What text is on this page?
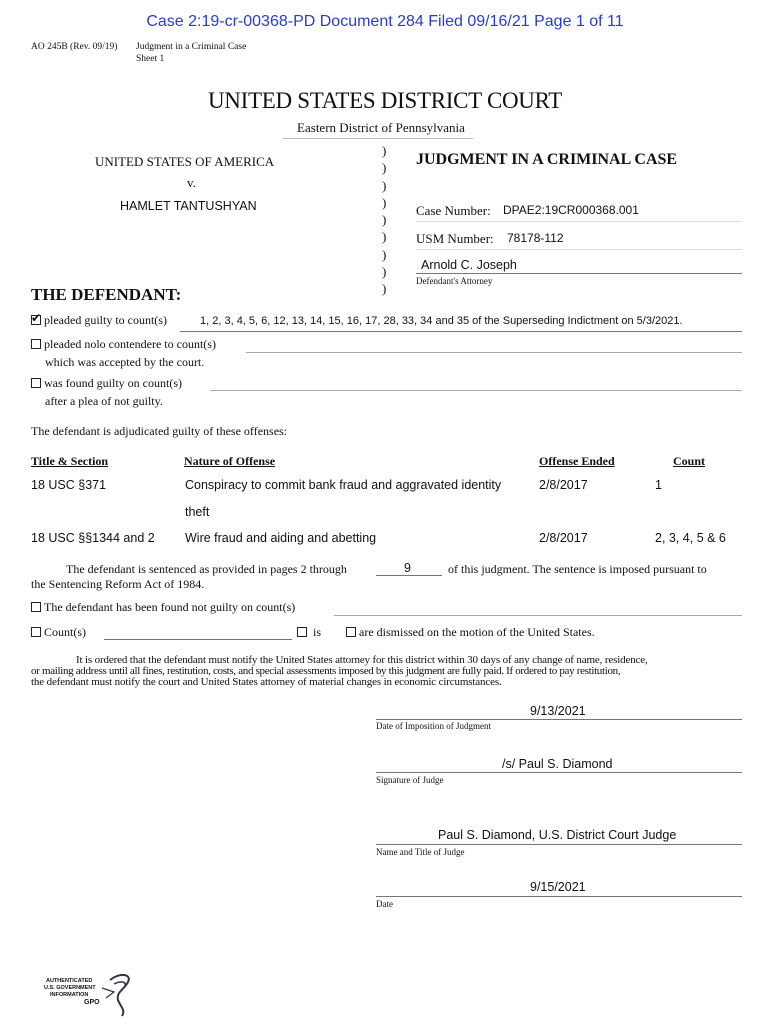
Case 2:19-cr-00368-PD Document 284 Filed 09/16/21 Page 1 of 11
AO 245B (Rev. 09/19) Judgment in a Criminal Case
Sheet 1
UNITED STATES DISTRICT COURT
Eastern District of Pennsylvania
UNITED STATES OF AMERICA
v.
HAMLET TANTUSHYAN
)
)
)
)
)
)
)
)
)
JUDGMENT IN A CRIMINAL CASE
Case Number: DPAE2:19CR000368.001
USM Number: 78178-112
Arnold C. Joseph
Defendant's Attorney
THE DEFENDANT:
✔pleaded guilty to count(s)	1, 2, 3, 4, 5, 6, 12, 13, 14, 15, 16, 17, 28, 33, 34 and 35 of the Superseding Indictment on 5/3/2021.
pleaded nolo contendere to count(s)
which was accepted by the court.
was found guilty on count(s)
after a plea of not guilty.
The defendant is adjudicated guilty of these offenses:
Title & Section	Nature of Offense	Offense Ended	Count
18 USC §371	Conspiracy to commit bank fraud and aggravated identity	2/8/2017	1
theft
18 USC §§1344 and 2 Wire fraud and aiding and abetting	2/8/2017	2, 3, 4, 5 & 6
The defendant is sentenced as provided in pages 2 through	9	of this judgment. The sentence is imposed pursuant to
the Sentencing Reform Act of 1984.
The defendant has been found not guilty on count(s)
Count(s)	is	are dismissed on the motion of the United States.
It is ordered that the defendant must notify the United States attorney for this district within 30 days of any change of name, residence,
or mailing address until all fines, restitution, costs, and special assessments imposed by this judgment are fully paid. If ordered to pay restitution,
the defendant must notify the court and United States attorney of material changes in economic circumstances.
9/13/2021
Date of Imposition of Judgment
/s/ Paul S. Diamond
Signature of Judge
Paul S. Diamond, U.S. District Court Judge
Name and Title of Judge
9/15/2021
Date
AUTHENTICATED
U.S. GOVERNMENT
INFORMATION
GPO
